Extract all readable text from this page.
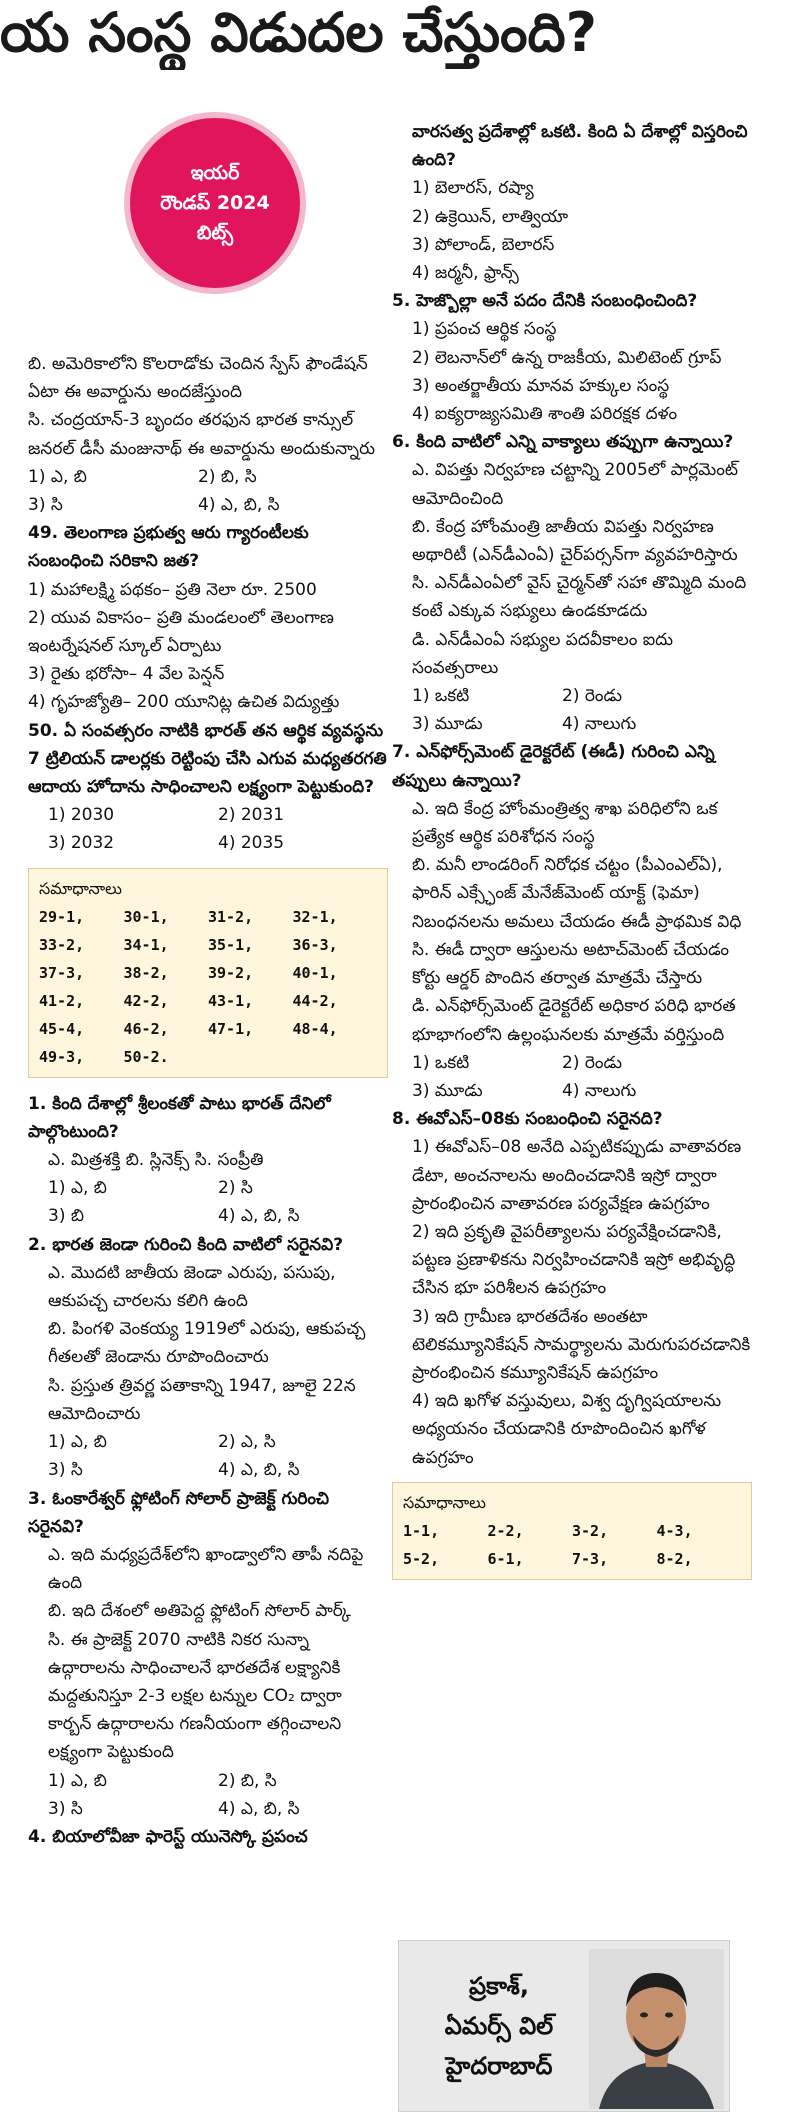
య సంస్థ విడుదల చేస్తుంది?
ఇయర్
రౌండప్ 2024
బిట్స్

బి. అమెరికాలోని కొలరాడోకు చెందిన స్పేస్ ఫౌండేషన్ ఏటా ఈ అవార్డును అందజేస్తుంది

సి. చంద్రయాన్-3 బృందం తరఫున భారత కాన్సుల్ జనరల్ డీసీ మంజునాథ్ ఈ అవార్డును అందుకున్నారు

1) ఎ, బి	2) బి, సి
3) సి	4) ఎ, బి, సి

49. తెలంగాణ ప్రభుత్వ ఆరు గ్యారంటీలకు సంబంధించి సరికాని జత?

1) మహాలక్ష్మి పథకం– ప్రతి నెలా రూ. 2500

2) యువ వికాసం– ప్రతి మండలంలో తెలంగాణ ఇంటర్నేషనల్ స్కూల్ ఏర్పాటు

3) రైతు భరోసా– 4 వేల పెన్షన్

4) గృహజ్యోతి– 200 యూనిట్ల ఉచిత విద్యుత్తు

50. ఏ సంవత్సరం నాటికి భారత్ తన ఆర్థిక వ్యవస్థను 7 ట్రిలియన్ డాలర్లకు రెట్టింపు చేసి ఎగువ మధ్యతరగతి ఆదాయ హోదాను సాధించాలని లక్ష్యంగా పెట్టుకుంది?

1) 2030	2) 2031
3) 2032	4) 2035
సమాధానాలు
29-1,	30-1,	31-2,	32-1,
33-2,	34-1,	35-1,	36-3,
37-3,	38-2,	39-2,	40-1,
41-2,	42-2,	43-1,	44-2,
45-4,	46-2,	47-1,	48-4,
49-3,	50-2.

1. కింది దేశాల్లో శ్రీలంకతో పాటు భారత్ దేనిలో పాల్గొంటుంది?

ఎ. మిత్రశక్తి బి. స్లినెక్స్ సి. సంప్రీతి

1) ఎ, బి	2) సి
3) బి	4) ఎ, బి, సి

2. భారత జెండా గురించి కింది వాటిలో సరైనవి?

ఎ. మొదటి జాతీయ జెండా ఎరుపు, పసుపు, ఆకుపచ్చ చారలను కలిగి ఉంది

బి. పింగళి వెంకయ్య 1919లో ఎరుపు, ఆకుపచ్చ గీతలతో జెండాను రూపొందించారు

సి. ప్రస్తుత త్రివర్ణ పతాకాన్ని 1947, జూలై 22న ఆమోదించారు

1) ఎ, బి	2) ఎ, సి
3) సి	4) ఎ, బి, సి

3. ఓంకారేశ్వర్ ఫ్లోటింగ్ సోలార్ ప్రాజెక్ట్ గురించి సరైనవి?

ఎ. ఇది మధ్యప్రదేశ్‌లోని ఖాండ్వాలోని తాపీ నదిపై ఉంది

బి. ఇది దేశంలో అతిపెద్ద ఫ్లోటింగ్ సోలార్ పార్క్

సి. ఈ ప్రాజెక్ట్ 2070 నాటికి నికర సున్నా ఉద్గారాలను సాధించాలనే భారతదేశ లక్ష్యానికి మద్దతునిస్తూ 2-3 లక్షల టన్నుల CO₂ ద్వారా కార్బన్ ఉద్గారాలను గణనీయంగా తగ్గించాలని లక్ష్యంగా పెట్టుకుంది

1) ఎ, బి	2) బి, సి
3) సి	4) ఎ, బి, సి

4. బియాలోవీజా ఫారెస్ట్ యునెస్కో ప్రపంచ

వారసత్వ ప్రదేశాల్లో ఒకటి. కింది ఏ దేశాల్లో విస్తరించి ఉంది?

1) బెలారస్, రష్యా

2) ఉక్రెయిన్, లాత్వియా

3) పోలాండ్, బెలారస్

4) జర్మనీ, ఫ్రాన్స్

5. హెజ్బొల్లా అనే పదం దేనికి సంబంధించింది?

1) ప్రపంచ ఆర్థిక సంస్థ

2) లెబనాన్‌లో ఉన్న రాజకీయ, మిలిటెంట్ గ్రూప్

3) అంతర్జాతీయ మానవ హక్కుల సంస్థ

4) ఐక్యరాజ్యసమితి శాంతి పరిరక్షక దళం

6. కింది వాటిలో ఎన్ని వాక్యాలు తప్పుగా ఉన్నాయి?

ఎ. విపత్తు నిర్వహణ చట్టాన్ని 2005లో పార్లమెంట్ ఆమోదించింది

బి. కేంద్ర హోంమంత్రి జాతీయ విపత్తు నిర్వహణ అథారిటీ (ఎన్‌డీఎంఏ) చైర్‌పర్సన్‌గా వ్యవహరిస్తారు

సి. ఎన్‌డీఎంఏలో వైస్ చైర్మన్‌తో సహా తొమ్మిది మంది కంటే ఎక్కువ సభ్యులు ఉండకూడదు

డి. ఎన్‌డీఎంఏ సభ్యుల పదవీకాలం ఐదు సంవత్సరాలు

1) ఒకటి	2) రెండు
3) మూడు	4) నాలుగు

7. ఎన్‌ఫోర్స్‌మెంట్ డైరెక్టరేట్ (ఈడీ) గురించి ఎన్ని తప్పులు ఉన్నాయి?

ఎ. ఇది కేంద్ర హోంమంత్రిత్వ శాఖ పరిధిలోని ఒక ప్రత్యేక ఆర్థిక పరిశోధన సంస్థ

బి. మనీ లాండరింగ్ నిరోధక చట్టం (పీఎంఎల్‌ఏ), ఫారిన్ ఎక్స్ఛేంజ్ మేనేజ్‌మెంట్ యాక్ట్ (ఫెమా) నిబంధనలను అమలు చేయడం ఈడీ ప్రాథమిక విధి

సి. ఈడీ ద్వారా ఆస్తులను అటాచ్‌మెంట్ చేయడం కోర్టు ఆర్డర్ పొందిన తర్వాత మాత్రమే చేస్తారు

డి. ఎన్‌ఫోర్స్‌మెంట్ డైరెక్టరేట్ అధికార పరిధి భారత భూభాగంలోని ఉల్లంఘనలకు మాత్రమే వర్తిస్తుంది

1) ఒకటి	2) రెండు
3) మూడు	4) నాలుగు

8. ఈవోఎస్–08కు సంబంధించి సరైనది?

1) ఈవోఎస్–08 అనేది ఎప్పటికప్పుడు వాతావరణ డేటా, అంచనాలను అందించడానికి ఇస్రో ద్వారా ప్రారంభించిన వాతావరణ పర్యవేక్షణ ఉపగ్రహం

2) ఇది ప్రకృతి వైపరీత్యాలను పర్యవేక్షించడానికి, పట్టణ ప్రణాళికను నిర్వహించడానికి ఇస్రో అభివృద్ధి చేసిన భూ పరిశీలన ఉపగ్రహం

3) ఇది గ్రామీణ భారతదేశం అంతటా టెలికమ్యూనికేషన్ సామర్థ్యాలను మెరుగుపరచడానికి ప్రారంభించిన కమ్యూనికేషన్ ఉపగ్రహం

4) ఇది ఖగోళ వస్తువులు, విశ్వ దృగ్విషయాలను అధ్యయనం చేయడానికి రూపొందించిన ఖగోళ ఉపగ్రహం

సమాధానాలు
1-1,	2-2,	3-2,	4-3,
5-2,	6-1,	7-3,	8-2,
ప్రకాశ్,
ఏమర్స్ విల్
హైదరాబాద్
